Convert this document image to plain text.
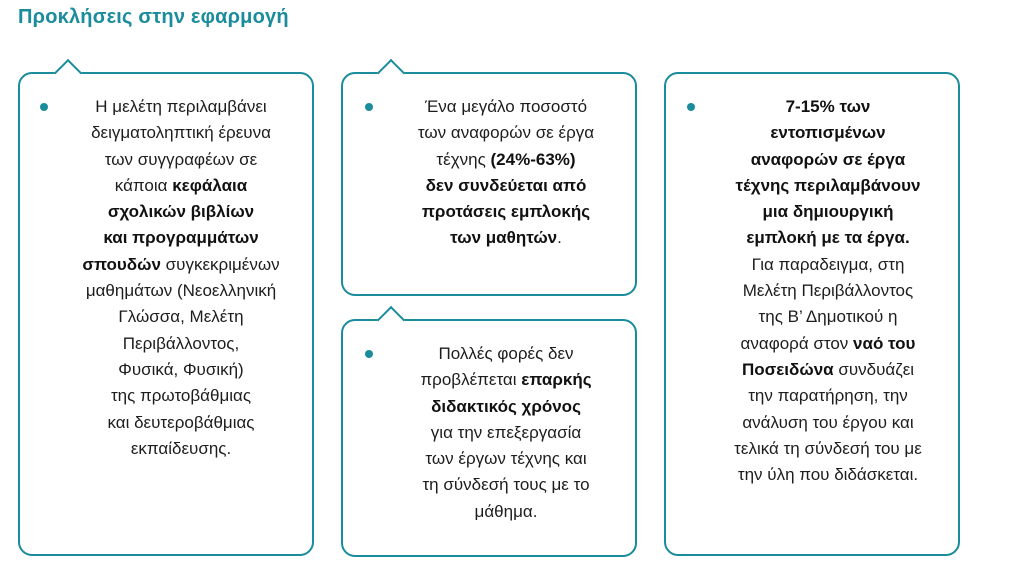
Προκλήσεις στην εφαρμογή
Η μελέτη περιλαμβάνει
δειγματοληπτική έρευνα
των συγγραφέων σε
κάποια κεφάλαια
σχολικών βιβλίων
και προγραμμάτων
σπουδών συγκεκριμένων
μαθημάτων (Νεοελληνική
Γλώσσα, Μελέτη
Περιβάλλοντος,
Φυσικά, Φυσική)
της πρωτοβάθμιας
και δευτεροβάθμιας
εκπαίδευσης.
Ένα μεγάλο ποσοστό
των αναφορών σε έργα
τέχνης (24%-63%)
δεν συνδεύεται από
προτάσεις εμπλοκής
των μαθητών.
Πολλές φορές δεν
προβλέπεται επαρκής
διδακτικός χρόνος
για την επεξεργασία
των έργων τέχνης και
τη σύνδεσή τους με το
μάθημα.
7-15% των
εντοπισμένων
αναφορών σε έργα
τέχνης περιλαμβάνουν
μια δημιουργική
εμπλοκή με τα έργα.
Για παραδειγμα, στη
Μελέτη Περιβάλλοντος
της Β’ Δημοτικού η
αναφορά στον ναό του
Ποσειδώνα συνδυάζει
την παρατήρηση, την
ανάλυση του έργου και
τελικά τη σύνδεσή του με
την ύλη που διδάσκεται.
